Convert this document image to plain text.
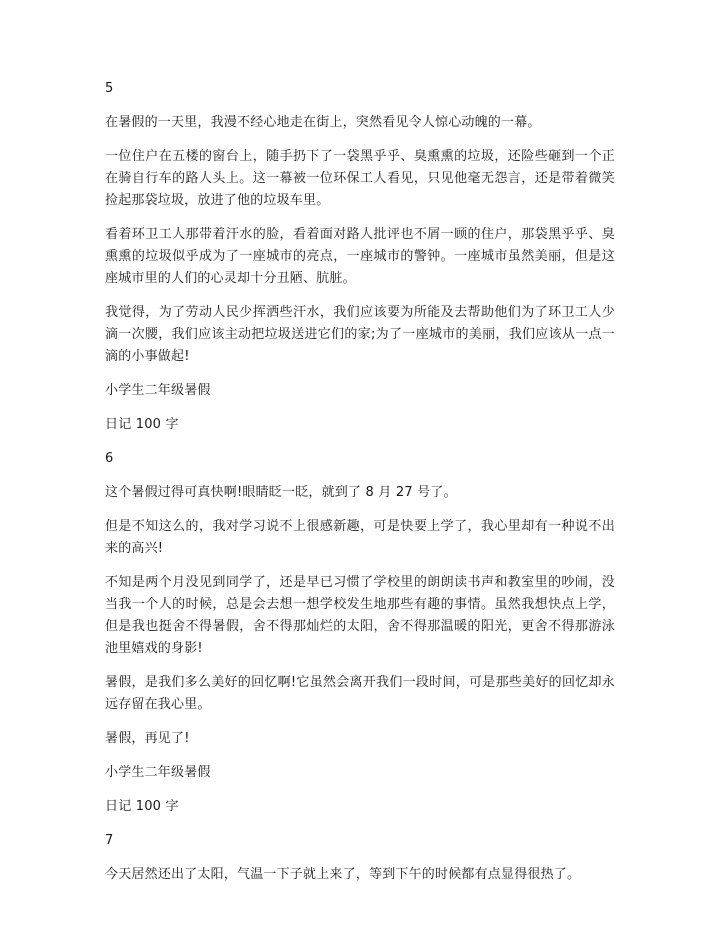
5

在暑假的一天里，我漫不经心地走在街上，突然看见令人惊心动魄的一幕。

一位住户在五楼的窗台上，随手扔下了一袋黑乎乎、臭熏熏的垃圾，还险些砸到一个正在骑自行车的路人头上。这一幕被一位环保工人看见，只见他毫无怨言，还是带着微笑捡起那袋垃圾，放进了他的垃圾车里。

看着环卫工人那带着汗水的脸，看着面对路人批评也不屑一顾的住户，那袋黑乎乎、臭熏熏的垃圾似乎成为了一座城市的亮点，一座城市的警钟。一座城市虽然美丽，但是这座城市里的人们的心灵却十分丑陋、肮脏。

我觉得，为了劳动人民少挥洒些汗水，我们应该要为所能及去帮助他们为了环卫工人少滴一次腰，我们应该主动把垃圾送进它们的家;为了一座城市的美丽，我们应该从一点一滴的小事做起!

小学生二年级暑假

日记 100 字

6

这个暑假过得可真快啊!眼睛眨一眨，就到了 8 月 27 号了。

但是不知这么的，我对学习说不上很感新趣，可是快要上学了，我心里却有一种说不出来的高兴!

不知是两个月没见到同学了，还是早已习惯了学校里的朗朗读书声和教室里的吵闹，没当我一个人的时候，总是会去想一想学校发生地那些有趣的事情。虽然我想快点上学，但是我也挺舍不得暑假，舍不得那灿烂的太阳，舍不得那温暖的阳光，更舍不得那游泳池里嬉戏的身影!

暑假，是我们多么美好的回忆啊!它虽然会离开我们一段时间，可是那些美好的回忆却永远存留在我心里。

暑假，再见了!

小学生二年级暑假

日记 100 字

7

今天居然还出了太阳，气温一下子就上来了，等到下午的时候都有点显得很热了。
